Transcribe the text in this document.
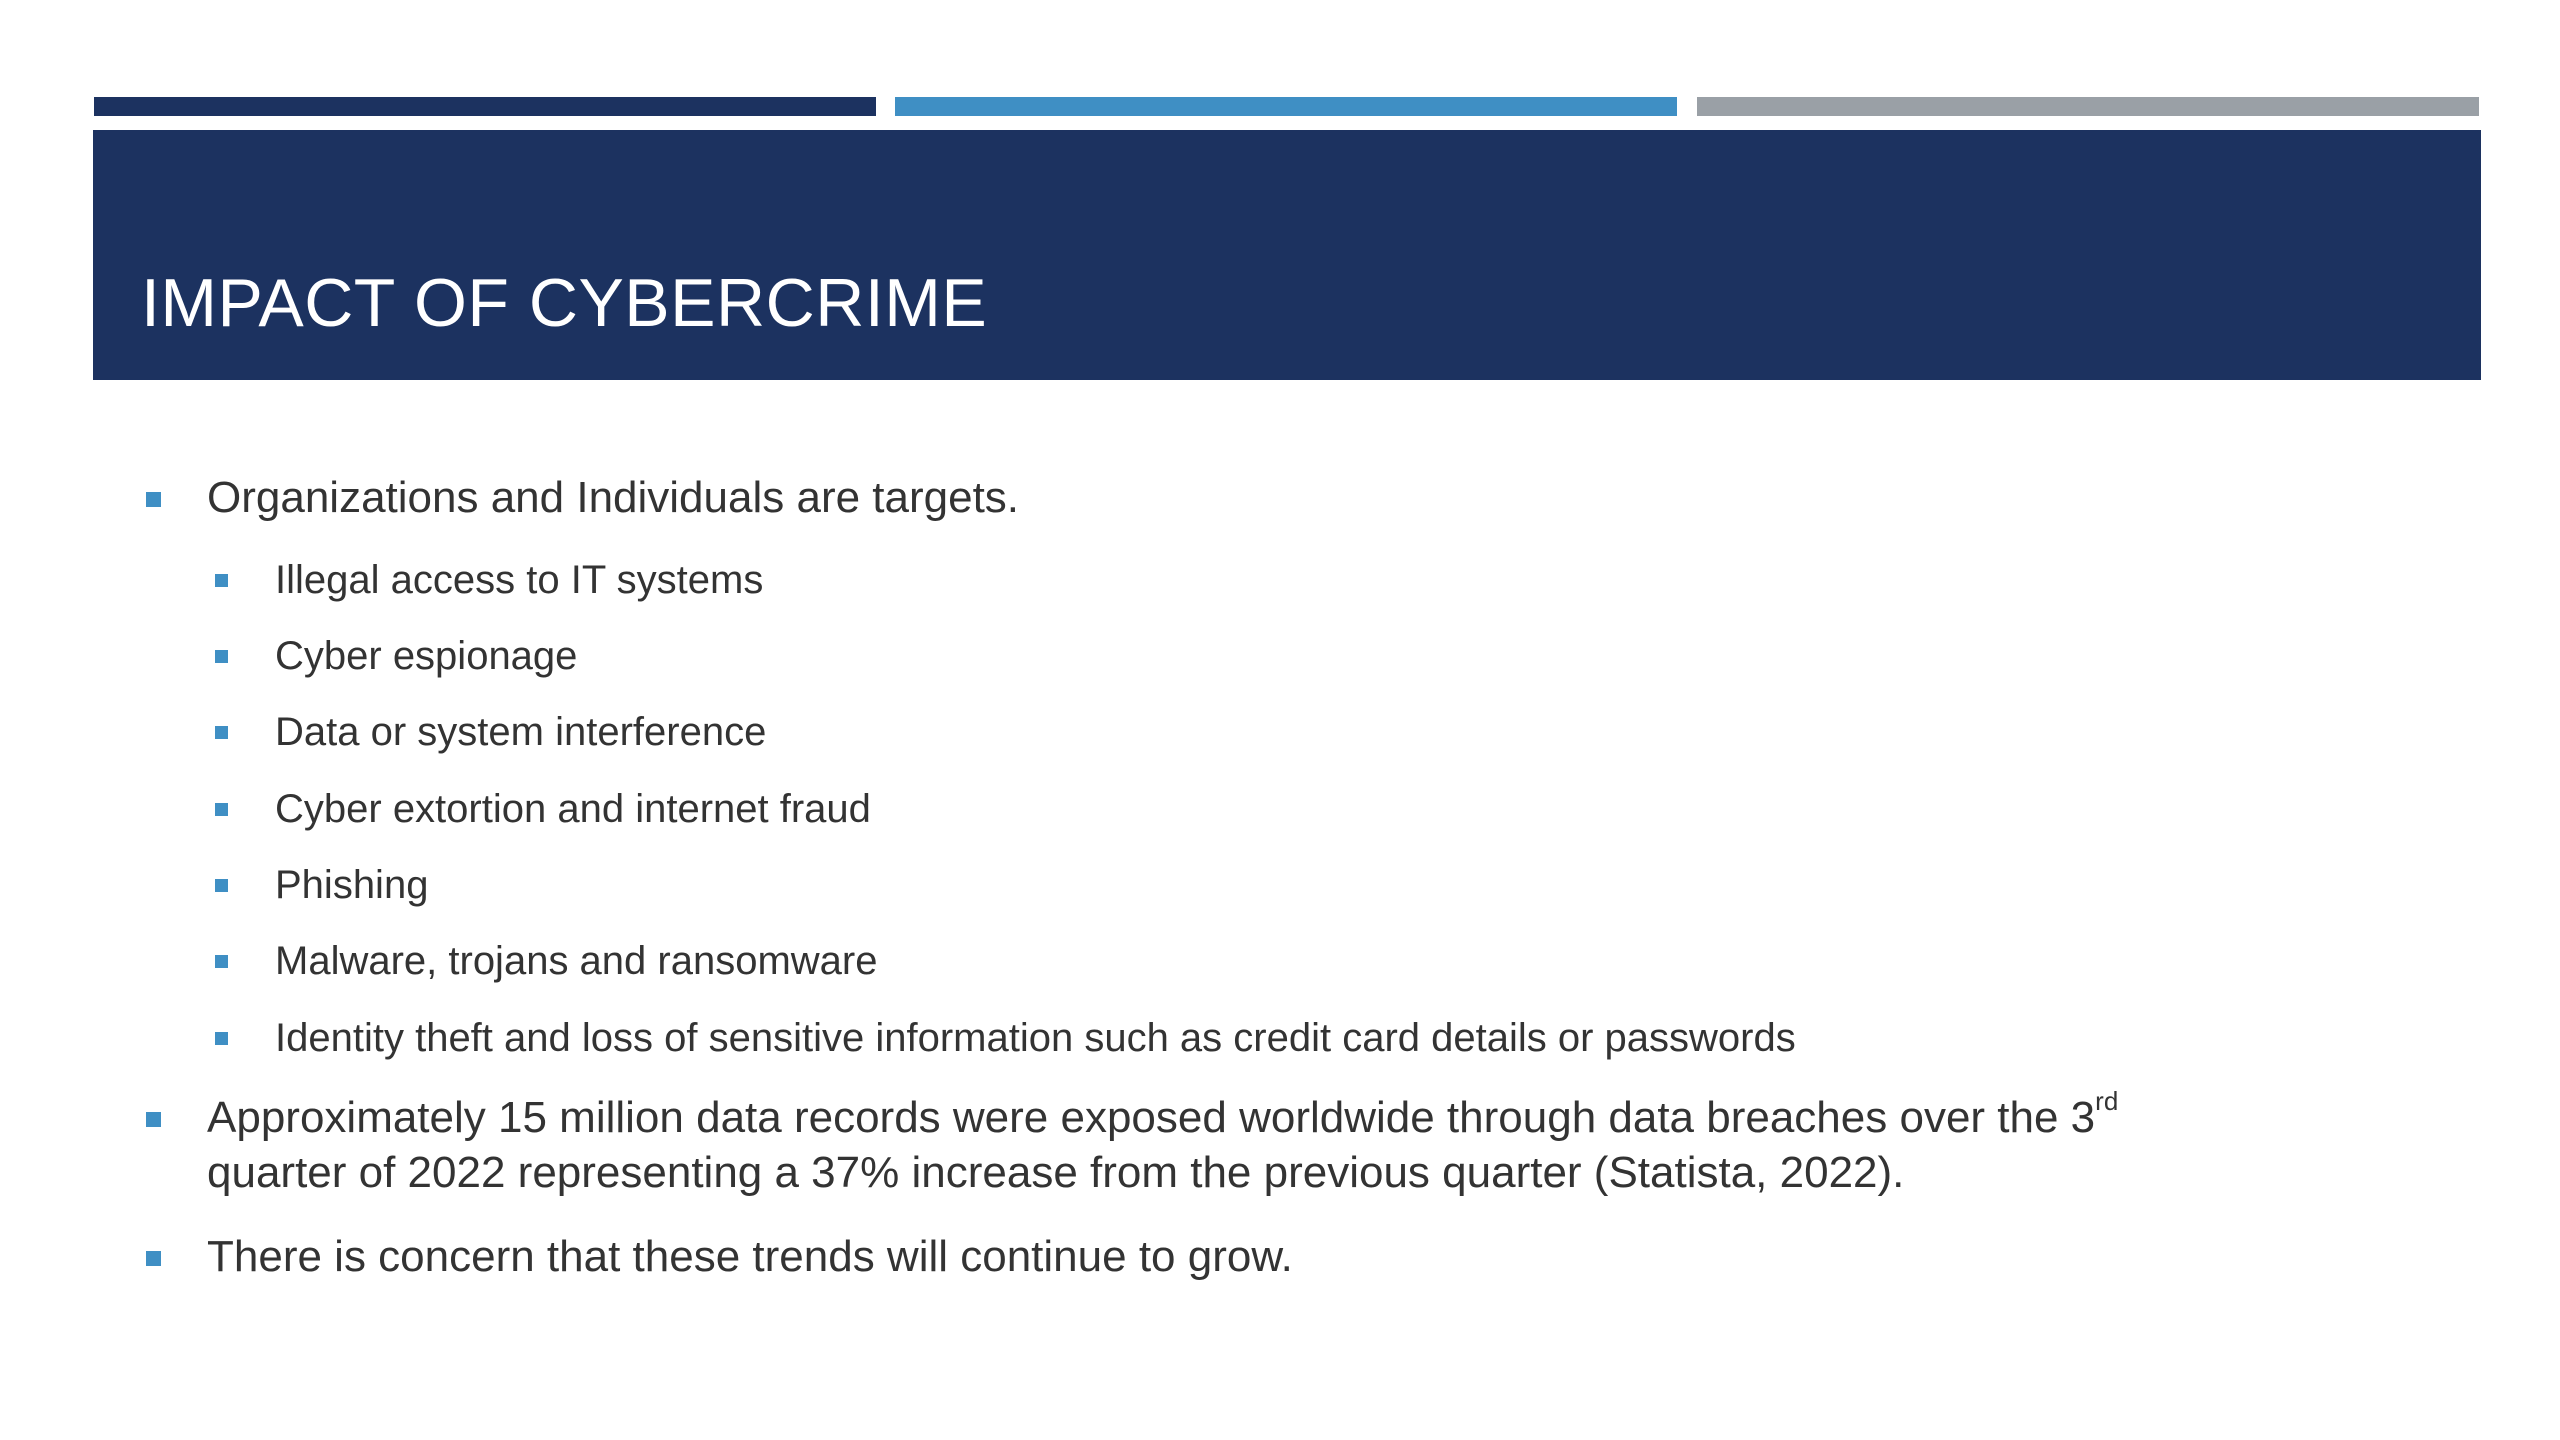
IMPACT OF CYBERCRIME
Organizations and Individuals are targets.
Illegal access to IT systems
Cyber espionage
Data or system interference
Cyber extortion and internet fraud
Phishing
Malware, trojans and ransomware
Identity theft and loss of sensitive information such as credit card details or passwords
Approximately 15 million data records were exposed worldwide through data breaches over the 3rd
quarter of 2022 representing a 37% increase from the previous quarter (Statista, 2022).
There is concern that these trends will continue to grow.
